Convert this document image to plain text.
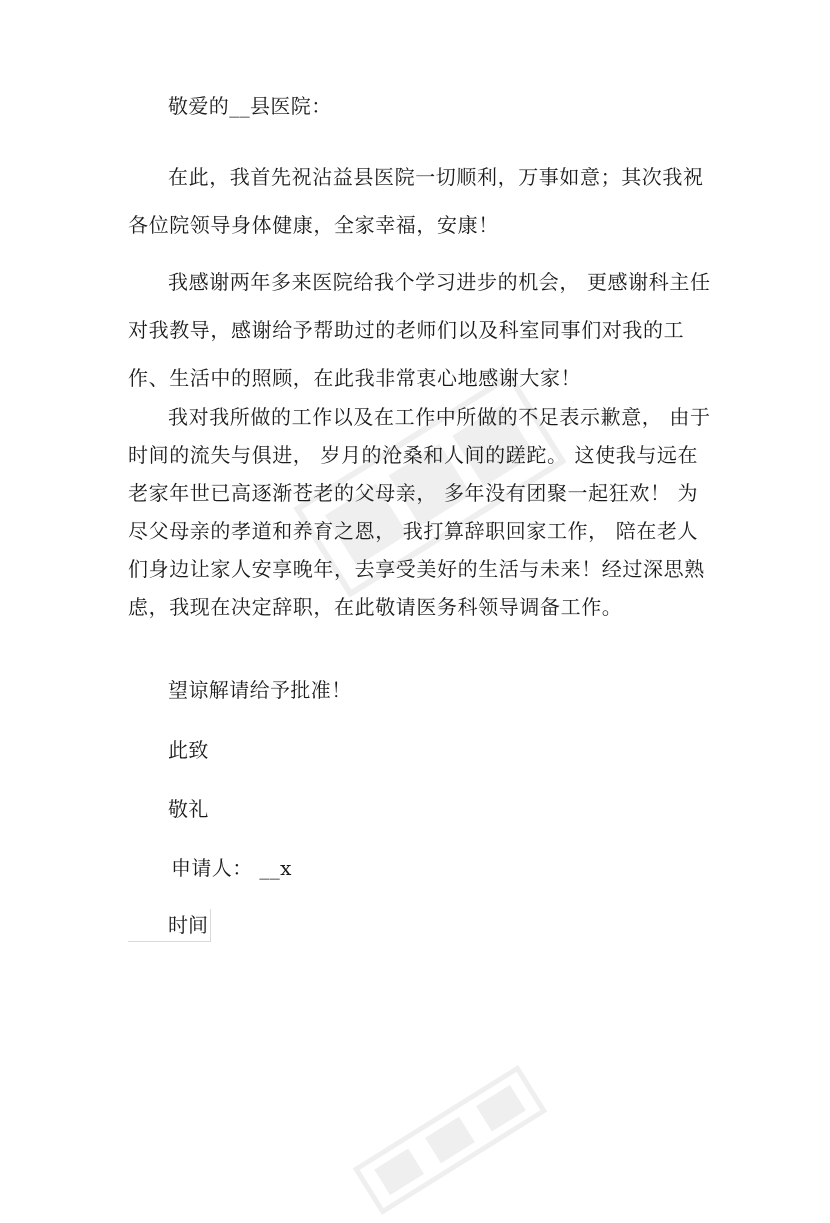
敬爱的__县医院：

在此，我首先祝沾益县医院一切顺利，万事如意；其次我祝各位院领导身体健康，全家幸福，安康！

我感谢两年多来医院给我个学习进步的机会， 更感谢科主任对我教导，感谢给予帮助过的老师们以及科室同事们对我的工作、生活中的照顾，在此我非常衷心地感谢大家！

我对我所做的工作以及在工作中所做的不足表示歉意， 由于时间的流失与俱进， 岁月的沧桑和人间的蹉跎。 这使我与远在老家年世已高逐渐苍老的父母亲， 多年没有团聚一起狂欢！ 为尽父母亲的孝道和养育之恩， 我打算辞职回家工作， 陪在老人们身边让家人安享晚年，去享受美好的生活与未来！经过深思熟虑，我现在决定辞职，在此敬请医务科领导调备工作。

望谅解请给予批准！

此致

敬礼

申请人： __x

时间
